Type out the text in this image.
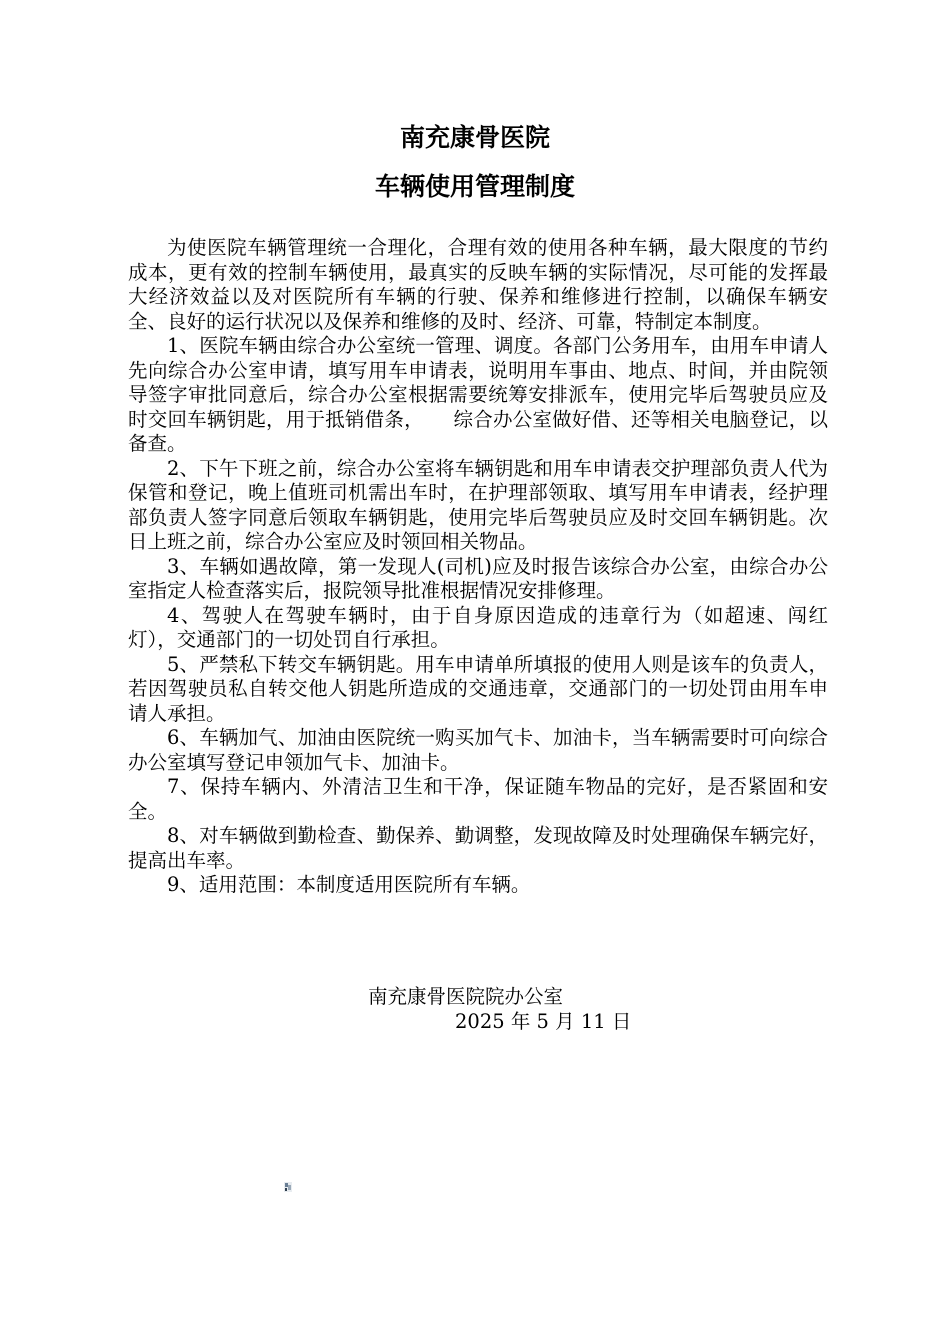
南充康骨医院
车辆使用管理制度

为使医院车辆管理统一合理化，合理有效的使用各种车辆，最大限度的节约成本，更有效的控制车辆使用，最真实的反映车辆的实际情况，尽可能的发挥最大经济效益以及对医院所有车辆的行驶、保养和维修进行控制，以确保车辆安全、良好的运行状况以及保养和维修的及时、经济、可靠，特制定本制度。

1、医院车辆由综合办公室统一管理、调度。各部门公务用车，由用车申请人先向综合办公室申请，填写用车申请表，说明用车事由、地点、时间，并由院领导签字审批同意后，综合办公室根据需要统筹安排派车，使用完毕后驾驶员应及时交回车辆钥匙，用于抵销借条，　　综合办公室做好借、还等相关电脑登记，以备查。

2、下午下班之前，综合办公室将车辆钥匙和用车申请表交护理部负责人代为保管和登记，晚上值班司机需出车时，在护理部领取、填写用车申请表，经护理部负责人签字同意后领取车辆钥匙，使用完毕后驾驶员应及时交回车辆钥匙。次日上班之前，综合办公室应及时领回相关物品。

3、车辆如遇故障，第一发现人(司机)应及时报告该综合办公室，由综合办公室指定人检查落实后，报院领导批准根据情况安排修理。

4、驾驶人在驾驶车辆时，由于自身原因造成的违章行为（如超速、闯红灯），交通部门的一切处罚自行承担。

5、严禁私下转交车辆钥匙。用车申请单所填报的使用人则是该车的负责人，若因驾驶员私自转交他人钥匙所造成的交通违章，交通部门的一切处罚由用车申请人承担。

6、车辆加气、加油由医院统一购买加气卡、加油卡，当车辆需要时可向综合办公室填写登记申领加气卡、加油卡。

7、保持车辆内、外清洁卫生和干净，保证随车物品的完好，是否紧固和安全。

8、对车辆做到勤检查、勤保养、勤调整，发现故障及时处理确保车辆完好，提高出车率。

9、适用范围：本制度适用医院所有车辆。

南充康骨医院院办公室
2025 年 5 月 11 日
